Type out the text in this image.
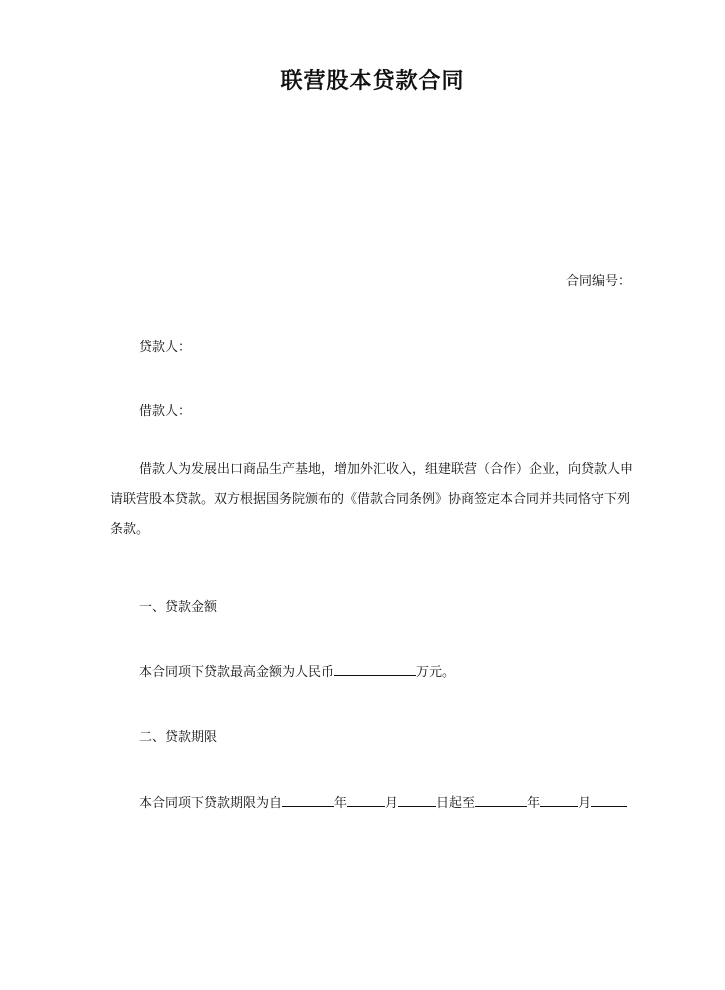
联营股本贷款合同
合同编号：
贷款人：
借款人：
借款人为发展出口商品生产基地，增加外汇收入，组建联营（合作）企业，向贷款人申请联营股本贷款。双方根据国务院颁布的《借款合同条例》协商签定本合同并共同恪守下列条款。
一、贷款金额
本合同项下贷款最高金额为人民币	万元。
二、贷款期限
本合同项下贷款期限为自	年	月	日起至	年	月
